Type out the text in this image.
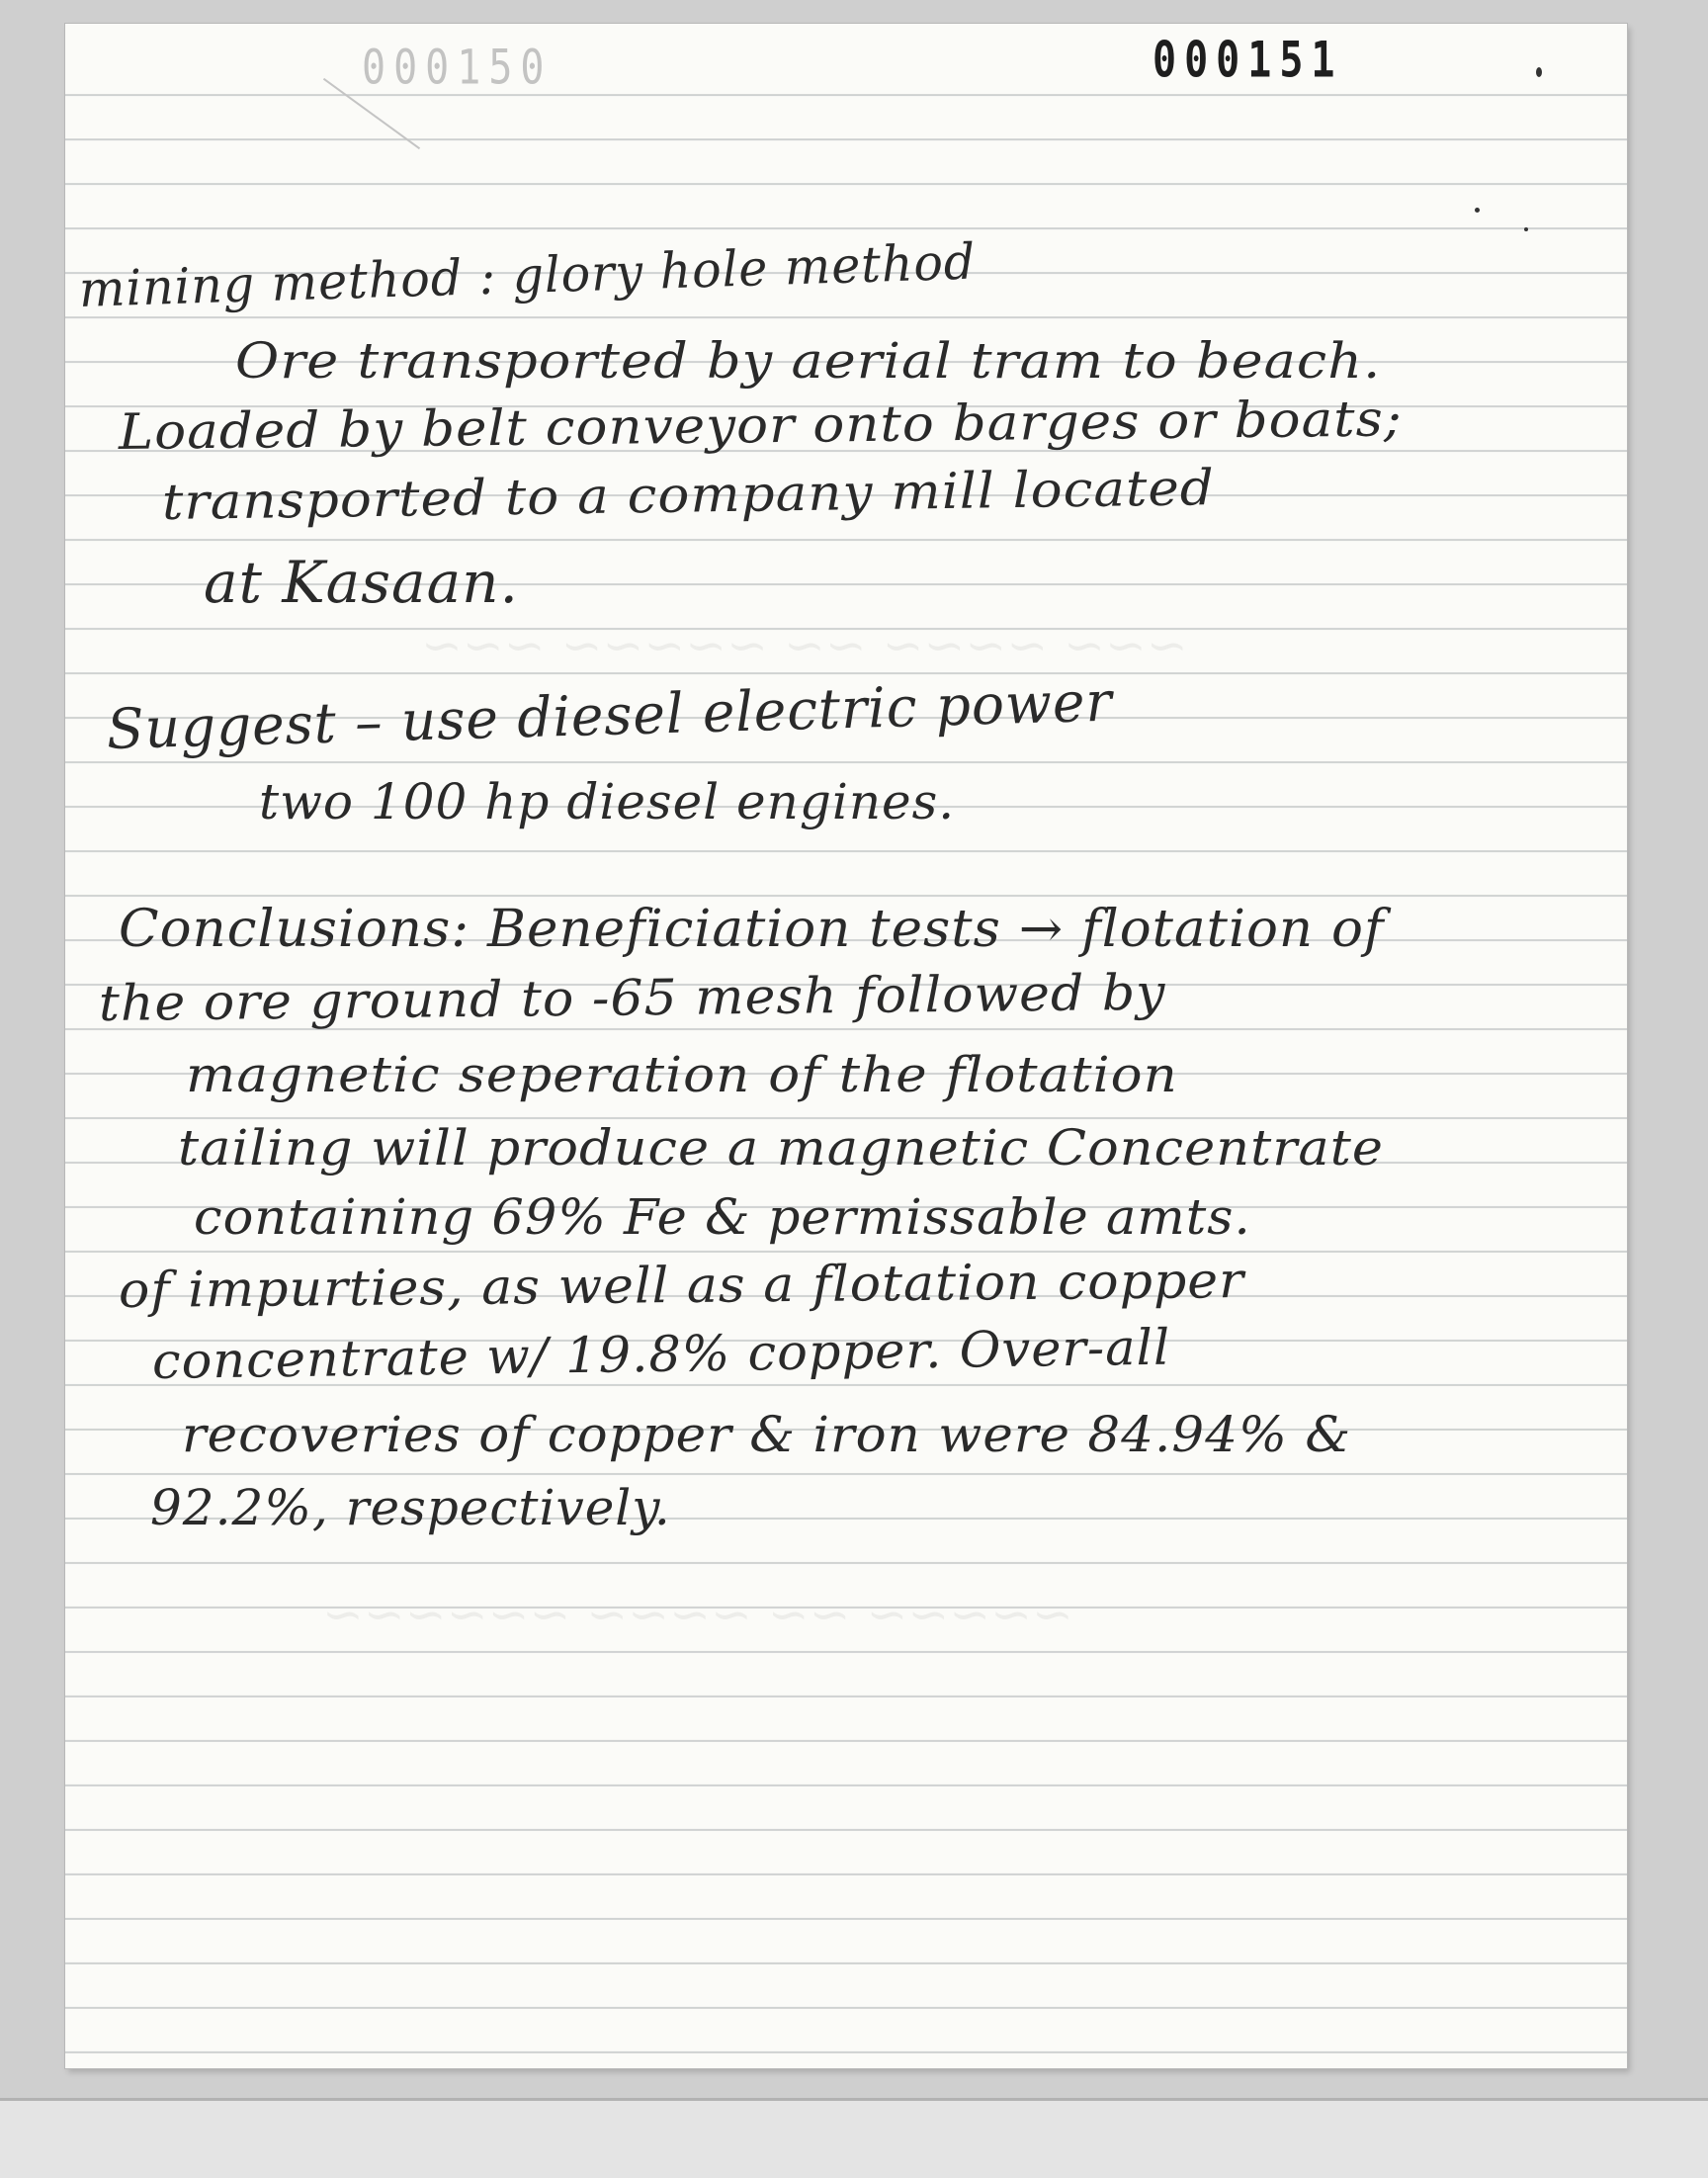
~~~ ~~~~ ~~ ~~~~~ ~~~
~~~~~ ~~ ~~~~ ~~~~~~
000150	000151
mining method : glory hole method
Ore transported by aerial tram to beach.
Loaded by belt conveyor onto barges or boats;
transported to a company mill located
at Kasaan.
Suggest – use diesel electric power
two 100 hp diesel engines.
Conclusions: Beneficiation tests → flotation of
the ore ground to -65 mesh followed by
magnetic seperation of the flotation
tailing will produce a magnetic Concentrate
containing 69% Fe & permissable amts.
of impurties, as well as a flotation copper
concentrate w/ 19.8% copper. Over-all
recoveries of copper & iron were 84.94% &
92.2%, respectively.
